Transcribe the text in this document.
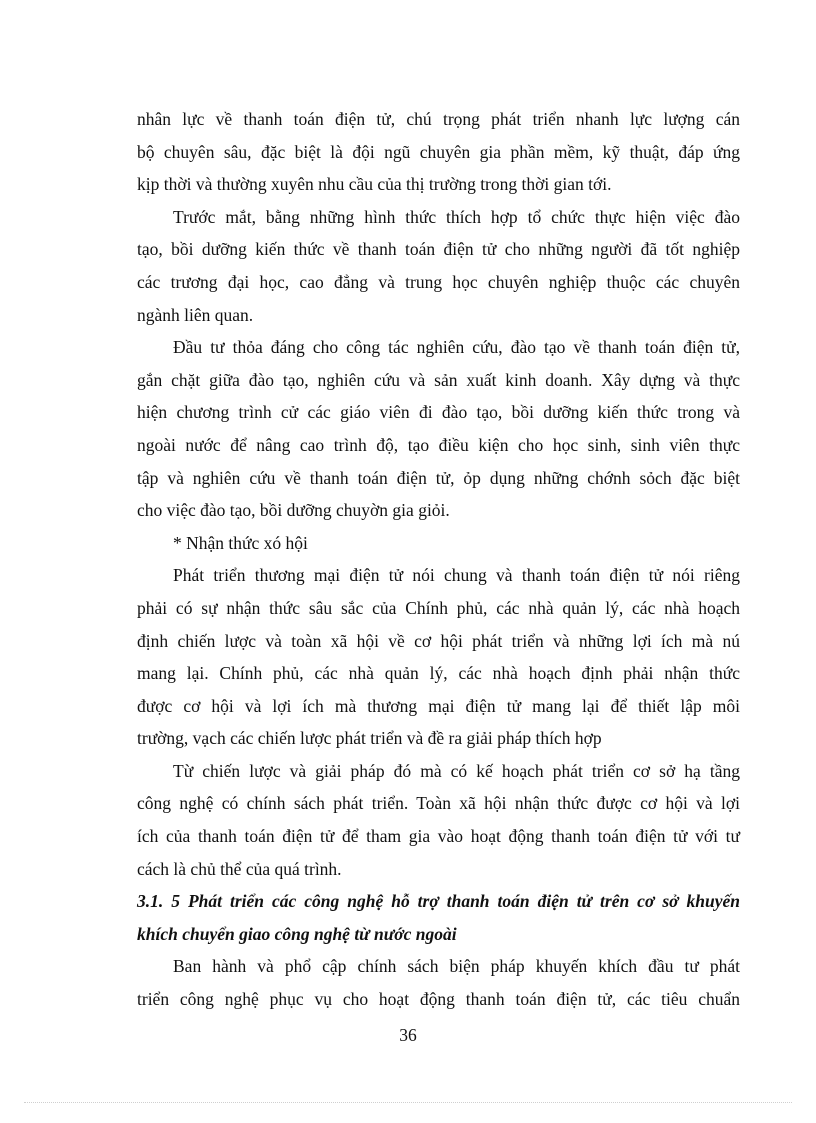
nhân lực về thanh toán điện tử, chú trọng phát triển nhanh lực lượng cán
bộ chuyên sâu, đặc biệt là đội ngũ chuyên gia phần mềm, kỹ thuật, đáp ứng
kịp thời và thường xuyên nhu cầu của thị trường trong thời gian tới.
Trước mắt, bằng những hình thức thích hợp tổ chức thực hiện việc đào
tạo, bồi dưỡng kiến thức về thanh toán điện tử cho những người đã tốt nghiệp
các trương đại học, cao đẳng và trung học chuyên nghiệp thuộc các chuyên
ngành liên quan.
Đầu tư thỏa đáng cho công tác nghiên cứu, đào tạo về thanh toán điện tử,
gắn chặt giữa đào tạo, nghiên cứu và sản xuất kinh doanh. Xây dựng và thực
hiện chương trình cử các giáo viên đi đào tạo, bồi dưỡng kiến thức trong và
ngoài nước để nâng cao trình độ, tạo điều kiện cho học sinh, sinh viên thực
tập và nghiên cứu về thanh toán điện tử, ỏp dụng những chớnh sỏch đặc biệt
cho việc đào tạo, bồi dưỡng chuyờn gia giỏi.
* Nhận thức xó hội
Phát triển thương mại điện tử nói chung và thanh toán điện tử nói riêng
phải có sự nhận thức sâu sắc của Chính phủ, các nhà quản lý, các nhà hoạch
định chiến lược và toàn xã hội về cơ hội phát triển và những lợi ích mà nú
mang lại. Chính phủ, các nhà quản lý, các nhà hoạch định phải nhận thức
được cơ hội và lợi ích mà thương mại điện tử mang lại để thiết lập môi
trường, vạch các chiến lược phát triển và đề ra giải pháp thích hợp
Từ chiến lược và giải pháp đó mà có kế hoạch phát triển cơ sở hạ tầng
công nghệ có chính sách phát triển. Toàn xã hội nhận thức được cơ hội và lợi
ích của thanh toán điện tử để tham gia vào hoạt động thanh toán điện tử với tư
cách là chủ thể của quá trình.
3.1. 5 Phát triển các công nghệ hỗ trợ thanh toán điện tử trên cơ sở khuyến
khích chuyển giao công nghệ từ nước ngoài
Ban hành và phổ cập chính sách biện pháp khuyến khích đầu tư phát
triển công nghệ phục vụ cho hoạt động thanh toán điện tử, các tiêu chuẩn
36
